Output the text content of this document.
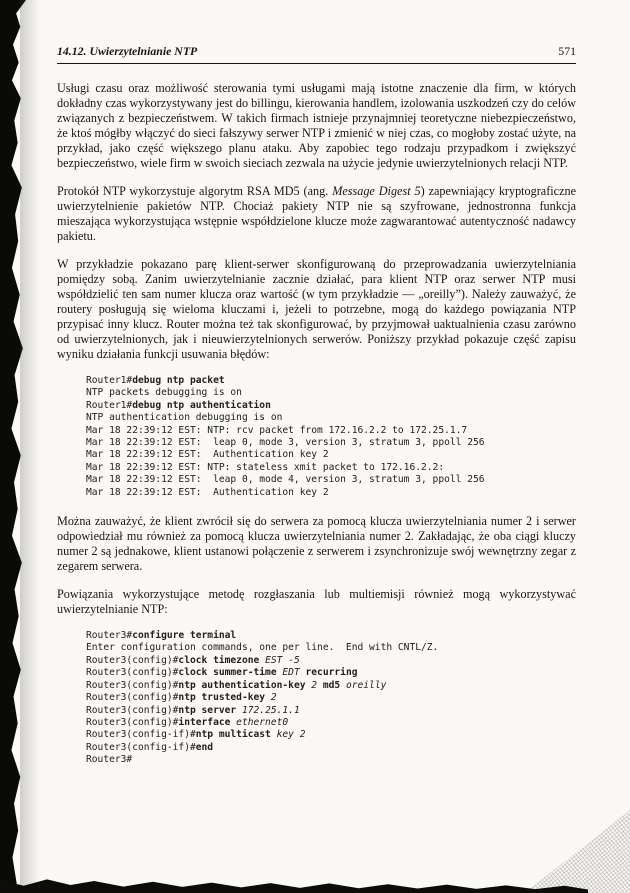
14.12. Uwierzytelnianie NTP	571

Usługi czasu oraz możliwość sterowania tymi usługami mają istotne znaczenie dla firm, w których dokładny czas wykorzystywany jest do billingu, kierowania handlem, izolowania uszkodzeń czy do celów związanych z bezpieczeństwem. W takich firmach istnieje przynajmniej teoretyczne niebezpieczeństwo, że ktoś mógłby włączyć do sieci fałszywy serwer NTP i zmienić w niej czas, co mogłoby zostać użyte, na przykład, jako część większego planu ataku. Aby zapobiec tego rodzaju przypadkom i zwiększyć bezpieczeństwo, wiele firm w swoich sieciach zezwala na użycie jedynie uwierzytelnionych relacji NTP.

Protokół NTP wykorzystuje algorytm RSA MD5 (ang. Message Digest 5) zapewniający kryptograficzne uwierzytelnienie pakietów NTP. Chociaż pakiety NTP nie są szyfrowane, jednostronna funkcja mieszająca wykorzystująca wstępnie współdzielone klucze może zagwarantować autentyczność nadawcy pakietu.

W przykładzie pokazano parę klient-serwer skonfigurowaną do przeprowadzania uwierzytelniania pomiędzy sobą. Zanim uwierzytelnianie zacznie działać, para klient NTP oraz serwer NTP musi współdzielić ten sam numer klucza oraz wartość (w tym przykładzie — „oreilly”). Należy zauważyć, że routery posługują się wieloma kluczami i, jeżeli to potrzebne, mogą do każdego powiązania NTP przypisać inny klucz. Router można też tak skonfigurować, by przyjmował uaktualnienia czasu zarówno od uwierzytelnionych, jak i nieuwierzytelnionych serwerów. Poniższy przykład pokazuje część zapisu wyniku działania funkcji usuwania błędów:

Router1#debug ntp packet
NTP packets debugging is on
Router1#debug ntp authentication
NTP authentication debugging is on
Mar 18 22:39:12 EST: NTP: rcv packet from 172.16.2.2 to 172.25.1.7
Mar 18 22:39:12 EST:  leap 0, mode 3, version 3, stratum 3, ppoll 256
Mar 18 22:39:12 EST:  Authentication key 2
Mar 18 22:39:12 EST: NTP: stateless xmit packet to 172.16.2.2:
Mar 18 22:39:12 EST:  leap 0, mode 4, version 3, stratum 3, ppoll 256
Mar 18 22:39:12 EST:  Authentication key 2

Można zauważyć, że klient zwrócił się do serwera za pomocą klucza uwierzytelniania numer 2 i serwer odpowiedział mu również za pomocą klucza uwierzytelniania numer 2. Zakładając, że oba ciągi kluczy numer 2 są jednakowe, klient ustanowi połączenie z serwerem i zsynchronizuje swój wewnętrzny zegar z zegarem serwera.

Powiązania wykorzystujące metodę rozgłaszania lub multiemisji również mogą wykorzystywać uwierzytelnianie NTP:

Router3#configure terminal
Enter configuration commands, one per line.  End with CNTL/Z.
Router3(config)#clock timezone EST -5
Router3(config)#clock summer-time EDT recurring
Router3(config)#ntp authentication-key 2 md5 oreilly
Router3(config)#ntp trusted-key 2
Router3(config)#ntp server 172.25.1.1
Router3(config)#interface ethernet0
Router3(config-if)#ntp multicast key 2
Router3(config-if)#end
Router3#
